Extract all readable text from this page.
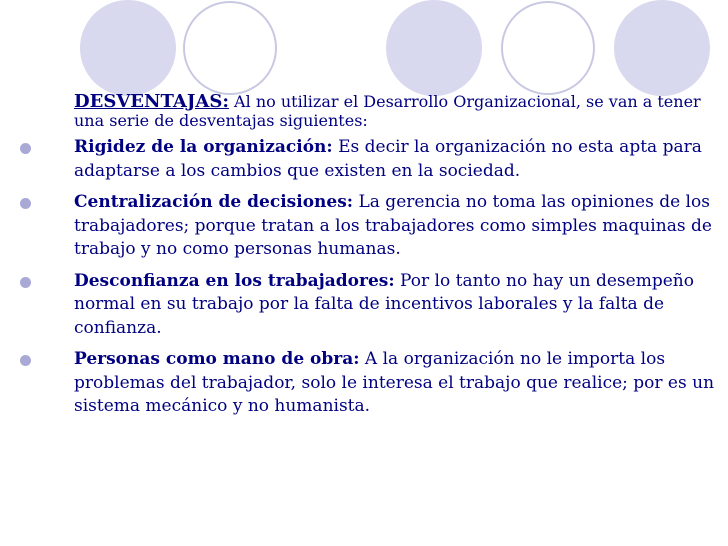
DESVENTAJAS: Al no utilizar el Desarrollo Organizacional, se van a tener una serie de desventajas siguientes:

Rigidez de la organización: Es decir la organización no esta apta para adaptarse a los cambios que existen en la sociedad.
Centralización de decisiones: La gerencia no toma las opiniones de los trabajadores; porque tratan a los trabajadores como simples maquinas de trabajo y no como personas humanas.
Desconfianza en los trabajadores: Por lo tanto no hay un desempeño normal en su trabajo por la falta de incentivos laborales y la falta de confianza.
Personas como mano de obra: A la organización no le importa los problemas del trabajador, solo le interesa el trabajo que realice; por es un sistema mecánico y no humanista.
